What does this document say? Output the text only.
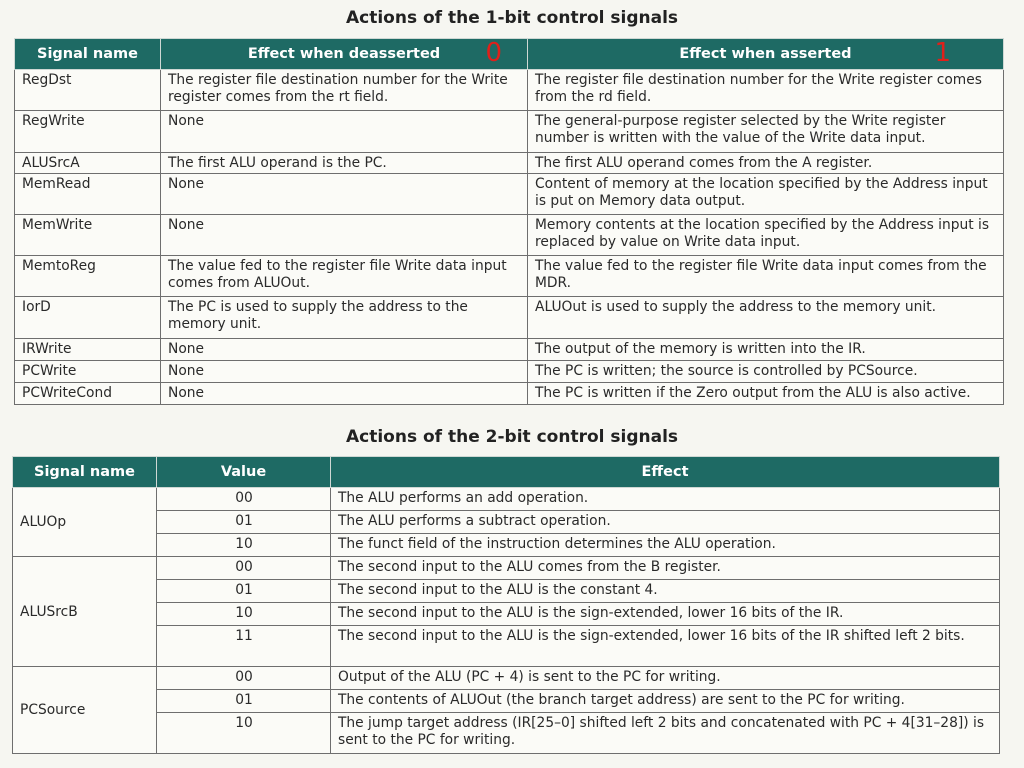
Actions of the 1-bit control signals
Signal name	Effect when deasserted 0	Effect when asserted 1

RegDst	The register file destination number for the Write register comes from the rt field.	The register file destination number for the Write register comes from the rd field.
RegWrite	None	The general-purpose register selected by the Write register number is written with the value of the Write data input.
ALUSrcA	The first ALU operand is the PC.	The first ALU operand comes from the A register.
MemRead	None	Content of memory at the location specified by the Address input is put on Memory data output.
MemWrite	None	Memory contents at the location specified by the Address input is replaced by value on Write data input.
MemtoReg	The value fed to the register file Write data input comes from ALUOut.	The value fed to the register file Write data input comes from the MDR.
IorD	The PC is used to supply the address to the memory unit.	ALUOut is used to supply the address to the memory unit.
IRWrite	None	The output of the memory is written into the IR.
PCWrite	None	The PC is written; the source is controlled by PCSource.
PCWriteCond	None	The PC is written if the Zero output from the ALU is also active.
Actions of the 2-bit control signals
Signal name	Value	Effect
ALUOp	00	The ALU performs an add operation.
	01	The ALU performs a subtract operation.
	10	The funct field of the instruction determines the ALU operation.
ALUSrcB	00	The second input to the ALU comes from the B register.
	01	The second input to the ALU is the constant 4.
	10	The second input to the ALU is the sign-extended, lower 16 bits of the IR.
	11	The second input to the ALU is the sign-extended, lower 16 bits of the IR shifted left 2 bits.
PCSource	00	Output of the ALU (PC + 4) is sent to the PC for writing.
	01	The contents of ALUOut (the branch target address) are sent to the PC for writing.
	10	The jump target address (IR[25–0] shifted left 2 bits and concatenated with PC + 4[31–28]) is sent to the PC for writing.
